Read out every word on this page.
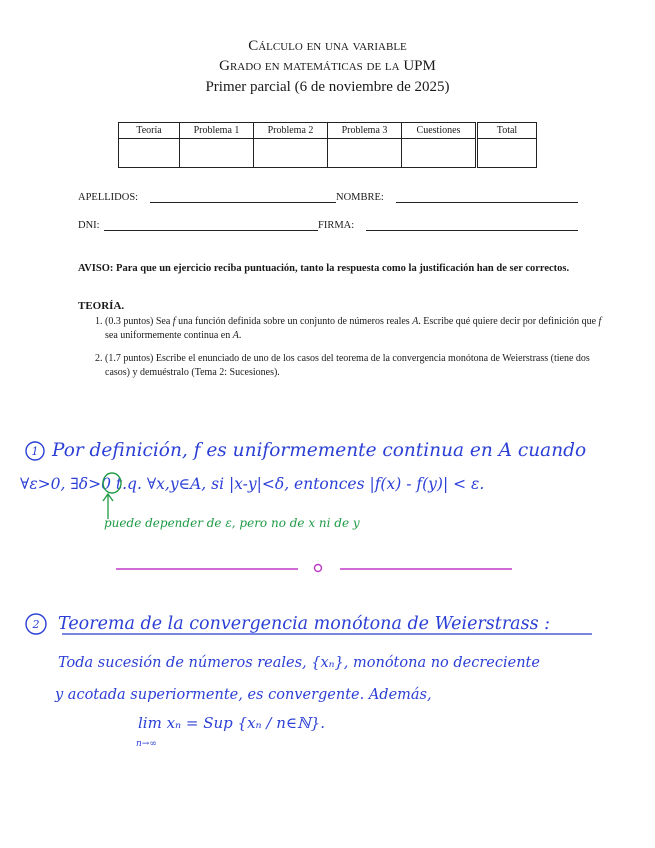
Cálculo en una variable
Grado en matemáticas de la UPM
Primer parcial (6 de noviembre de 2025)
Teoría	Problema 1	Problema 2	Problema 3	Cuestiones	Total

APELLIDOS:	NOMBRE:
DNI:	FIRMA:
AVISO: Para que un ejercicio reciba puntuación, tanto la respuesta como la justificación han de ser correctos.
TEORÍA.
1. (0.3 puntos) Sea f una función definida sobre un conjunto de números reales A. Escribe qué quiere decir por definición que f sea uniformemente continua en A.
2. (1.7 puntos) Escribe el enunciado de uno de los casos del teorema de la convergencia monótona de Weierstrass (tiene dos casos) y demuéstralo (Tema 2: Sucesiones).
1 Por definición, f es uniformemente continua en A cuando
∀ε>0, ∃δ>0 t.q. ∀x,y∈A, si |x-y|<δ, entonces |f(x) - f(y)| < ε.
puede depender de ε, pero no de x ni de y
2 Teorema de la convergencia monótona de Weierstrass :
Toda sucesión de números reales, {xₙ}, monótona no decreciente
y acotada superiormente, es convergente. Además,
lim xₙ = Sup {xₙ / n∈ℕ}.
n→∞
